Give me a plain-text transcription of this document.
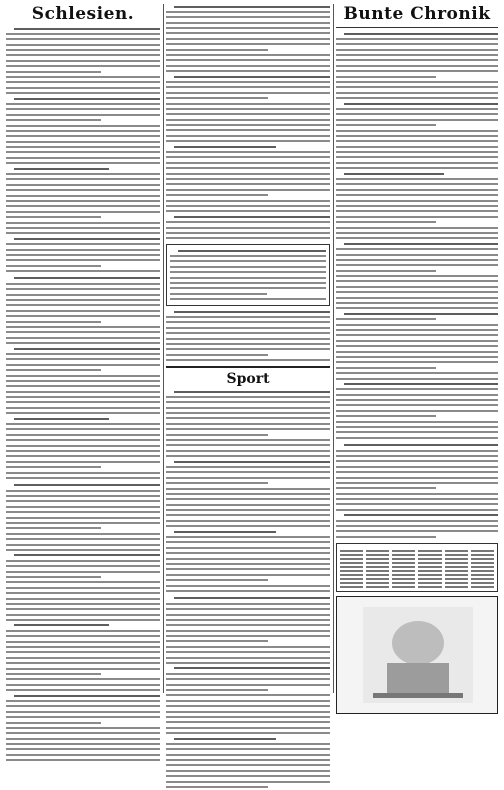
Schlesien.
Sport
Bunte Chronik
